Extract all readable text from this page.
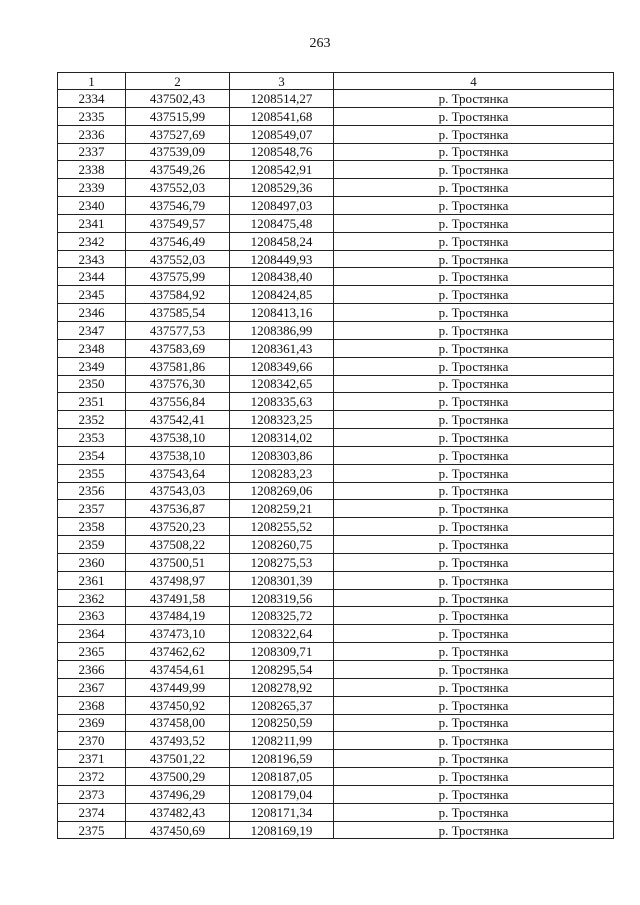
263
1	2	3	4
2334	437502,43	1208514,27	р. Тростянка
2335	437515,99	1208541,68	р. Тростянка
2336	437527,69	1208549,07	р. Тростянка
2337	437539,09	1208548,76	р. Тростянка
2338	437549,26	1208542,91	р. Тростянка
2339	437552,03	1208529,36	р. Тростянка
2340	437546,79	1208497,03	р. Тростянка
2341	437549,57	1208475,48	р. Тростянка
2342	437546,49	1208458,24	р. Тростянка
2343	437552,03	1208449,93	р. Тростянка
2344	437575,99	1208438,40	р. Тростянка
2345	437584,92	1208424,85	р. Тростянка
2346	437585,54	1208413,16	р. Тростянка
2347	437577,53	1208386,99	р. Тростянка
2348	437583,69	1208361,43	р. Тростянка
2349	437581,86	1208349,66	р. Тростянка
2350	437576,30	1208342,65	р. Тростянка
2351	437556,84	1208335,63	р. Тростянка
2352	437542,41	1208323,25	р. Тростянка
2353	437538,10	1208314,02	р. Тростянка
2354	437538,10	1208303,86	р. Тростянка
2355	437543,64	1208283,23	р. Тростянка
2356	437543,03	1208269,06	р. Тростянка
2357	437536,87	1208259,21	р. Тростянка
2358	437520,23	1208255,52	р. Тростянка
2359	437508,22	1208260,75	р. Тростянка
2360	437500,51	1208275,53	р. Тростянка
2361	437498,97	1208301,39	р. Тростянка
2362	437491,58	1208319,56	р. Тростянка
2363	437484,19	1208325,72	р. Тростянка
2364	437473,10	1208322,64	р. Тростянка
2365	437462,62	1208309,71	р. Тростянка
2366	437454,61	1208295,54	р. Тростянка
2367	437449,99	1208278,92	р. Тростянка
2368	437450,92	1208265,37	р. Тростянка
2369	437458,00	1208250,59	р. Тростянка
2370	437493,52	1208211,99	р. Тростянка
2371	437501,22	1208196,59	р. Тростянка
2372	437500,29	1208187,05	р. Тростянка
2373	437496,29	1208179,04	р. Тростянка
2374	437482,43	1208171,34	р. Тростянка
2375	437450,69	1208169,19	р. Тростянка
